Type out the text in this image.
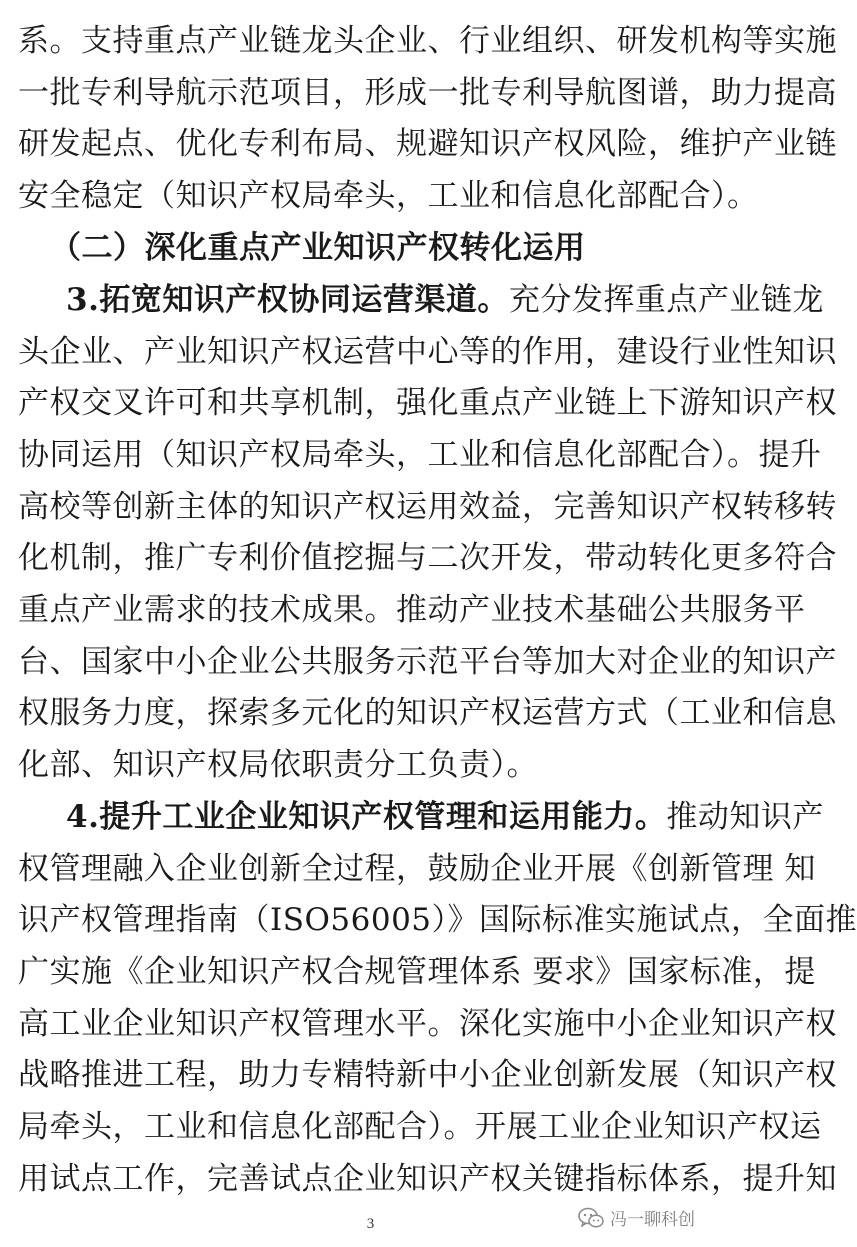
系。支持重点产业链龙头企业、行业组织、研发机构等实施
一批专利导航示范项目，形成一批专利导航图谱，助力提高
研发起点、优化专利布局、规避知识产权风险，维护产业链
安全稳定（知识产权局牵头，工业和信息化部配合）。
（二）深化重点产业知识产权转化运用
3.拓宽知识产权协同运营渠道。充分发挥重点产业链龙
头企业、产业知识产权运营中心等的作用，建设行业性知识
产权交叉许可和共享机制，强化重点产业链上下游知识产权
协同运用（知识产权局牵头，工业和信息化部配合）。提升
高校等创新主体的知识产权运用效益，完善知识产权转移转
化机制，推广专利价值挖掘与二次开发，带动转化更多符合
重点产业需求的技术成果。推动产业技术基础公共服务平
台、国家中小企业公共服务示范平台等加大对企业的知识产
权服务力度，探索多元化的知识产权运营方式（工业和信息
化部、知识产权局依职责分工负责）。
4.提升工业企业知识产权管理和运用能力。推动知识产
权管理融入企业创新全过程，鼓励企业开展《创新管理 知
识产权管理指南（ISO56005）》国际标准实施试点，全面推
广实施《企业知识产权合规管理体系 要求》国家标准，提
高工业企业知识产权管理水平。深化实施中小企业知识产权
战略推进工程，助力专精特新中小企业创新发展（知识产权
局牵头，工业和信息化部配合）。开展工业企业知识产权运
用试点工作，完善试点企业知识产权关键指标体系，提升知
3	冯一聊科创
